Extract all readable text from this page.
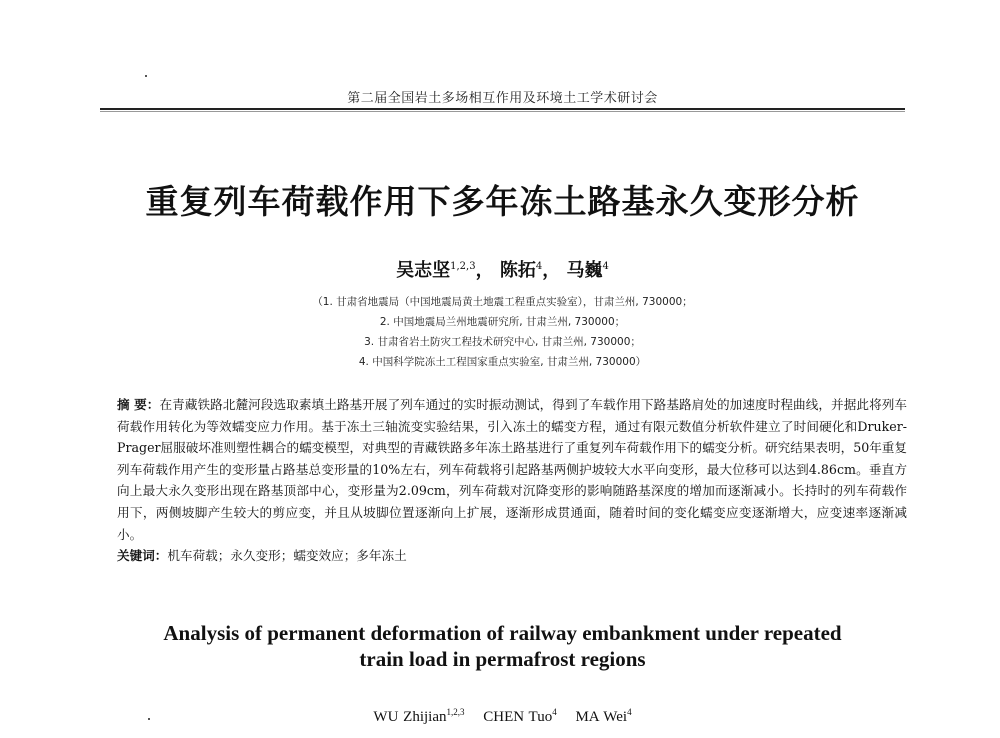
第二届全国岩土多场相互作用及环境土工学术研讨会
重复列车荷载作用下多年冻土路基永久变形分析
吴志坚$^{1,2,3}$， 陈拓$^4$， 马巍$^4$
（1. 甘肃省地震局（中国地震局黄土地震工程重点实验室），甘肃兰州, 730000；
2. 中国地震局兰州地震研究所, 甘肃兰州, 730000；
3. 甘肃省岩土防灾工程技术研究中心, 甘肃兰州, 730000；
4. 中国科学院冻土工程国家重点实验室, 甘肃兰州, 730000）

摘 要：在青藏铁路北麓河段选取素填土路基开展了列车通过的实时振动测试，得到了车载作用下路基路肩处的加速度时程曲线，并据此将列车荷载作用转化为等效蠕变应力作用。基于冻土三轴流变实验结果，引入冻土的蠕变方程，通过有限元数值分析软件建立了时间硬化和Druker-Prager屈服破坏准则塑性耦合的蠕变模型，对典型的青藏铁路多年冻土路基进行了重复列车荷载作用下的蠕变分析。研究结果表明，50年重复列车荷载作用产生的变形量占路基总变形量的10%左右，列车荷载将引起路基两侧护坡较大水平向变形，最大位移可以达到4.86cm。垂直方向上最大永久变形出现在路基顶部中心，变形量为2.09cm，列车荷载对沉降变形的影响随路基深度的增加而逐渐减小。长持时的列车荷载作用下，两侧坡脚产生较大的剪应变，并且从坡脚位置逐渐向上扩展，逐渐形成贯通面，随着时间的变化蠕变应变逐渐增大，应变速率逐渐减小。

关键词：机车荷载；永久变形；蠕变效应；多年冻土

Analysis of permanent deformation of railway embankment under repeated
train load in permafrost regions
WU Zhijian$^{1,2,3}$ CHEN Tuo$^4$ MA Wei$^4$
